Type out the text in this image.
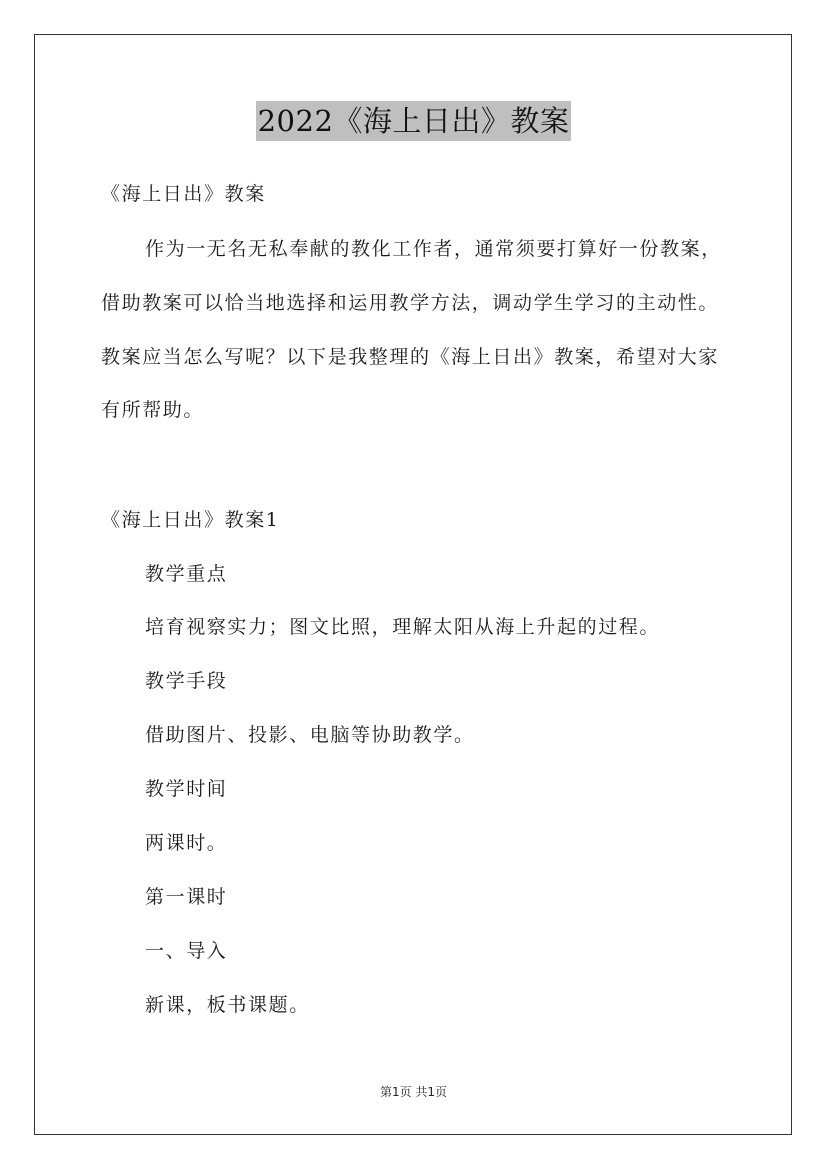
2022《海上日出》教案
《海上日出》教案
作为一无名无私奉献的教化工作者，通常须要打算好一份教案，
借助教案可以恰当地选择和运用教学方法，调动学生学习的主动性。
教案应当怎么写呢？以下是我整理的《海上日出》教案，希望对大家
有所帮助。
《海上日出》教案1
教学重点
培育视察实力；图文比照，理解太阳从海上升起的过程。
教学手段
借助图片、投影、电脑等协助教学。
教学时间
两课时。
第一课时
一、导入
新课，板书课题。
第1页 共1页
